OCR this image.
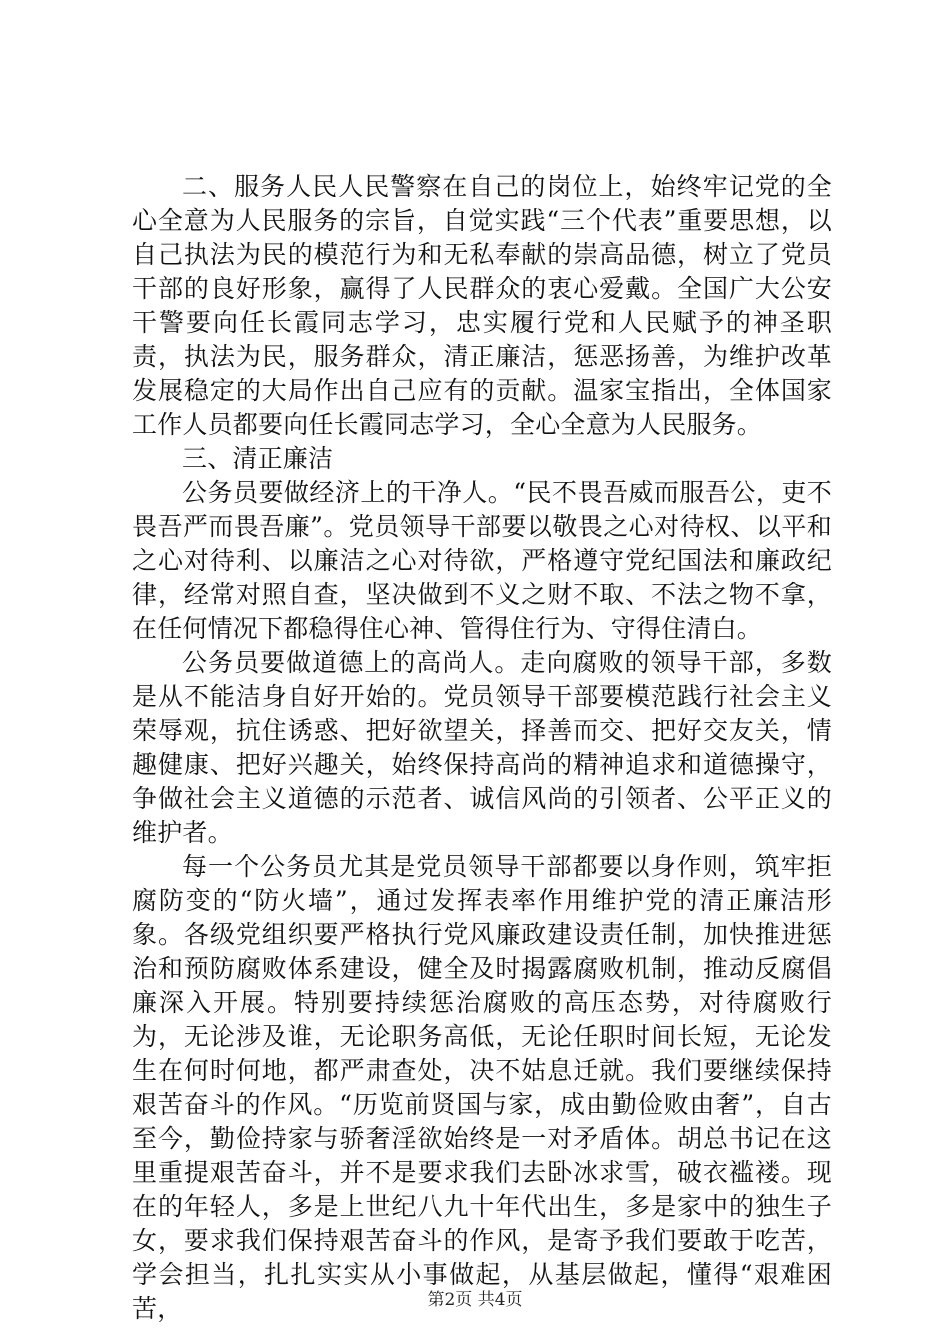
二、服务人民人民警察在自己的岗位上，始终牢记党的全心全意为人民服务的宗旨，自觉实践“三个代表”重要思想，以自己执法为民的模范行为和无私奉献的崇高品德，树立了党员干部的良好形象，赢得了人民群众的衷心爱戴。全国广大公安干警要向任长霞同志学习，忠实履行党和人民赋予的神圣职责，执法为民，服务群众，清正廉洁，惩恶扬善，为维护改革发展稳定的大局作出自己应有的贡献。温家宝指出，全体国家工作人员都要向任长霞同志学习，全心全意为人民服务。

三、清正廉洁

公务员要做经济上的干净人。“民不畏吾威而服吾公，吏不畏吾严而畏吾廉”。党员领导干部要以敬畏之心对待权、以平和之心对待利、以廉洁之心对待欲，严格遵守党纪国法和廉政纪律，经常对照自查，坚决做到不义之财不取、不法之物不拿，在任何情况下都稳得住心神、管得住行为、守得住清白。

公务员要做道德上的高尚人。走向腐败的领导干部，多数是从不能洁身自好开始的。党员领导干部要模范践行社会主义荣辱观，抗住诱惑、把好欲望关，择善而交、把好交友关，情趣健康、把好兴趣关，始终保持高尚的精神追求和道德操守，争做社会主义道德的示范者、诚信风尚的引领者、公平正义的维护者。

每一个公务员尤其是党员领导干部都要以身作则，筑牢拒腐防变的“防火墙”，通过发挥表率作用维护党的清正廉洁形象。各级党组织要严格执行党风廉政建设责任制，加快推进惩治和预防腐败体系建设，健全及时揭露腐败机制，推动反腐倡廉深入开展。特别要持续惩治腐败的高压态势，对待腐败行为，无论涉及谁，无论职务高低，无论任职时间长短，无论发生在何时何地，都严肃查处，决不姑息迁就。我们要继续保持艰苦奋斗的作风。“历览前贤国与家，成由勤俭败由奢”，自古至今，勤俭持家与骄奢淫欲始终是一对矛盾体。胡总书记在这里重提艰苦奋斗，并不是要求我们去卧冰求雪，破衣褴褛。现在的年轻人，多是上世纪八九十年代出生，多是家中的独生子女，要求我们保持艰苦奋斗的作风，是寄予我们要敢于吃苦，学会担当，扎扎实实从小事做起，从基层做起，懂得“艰难困苦，	第2页 共4页
